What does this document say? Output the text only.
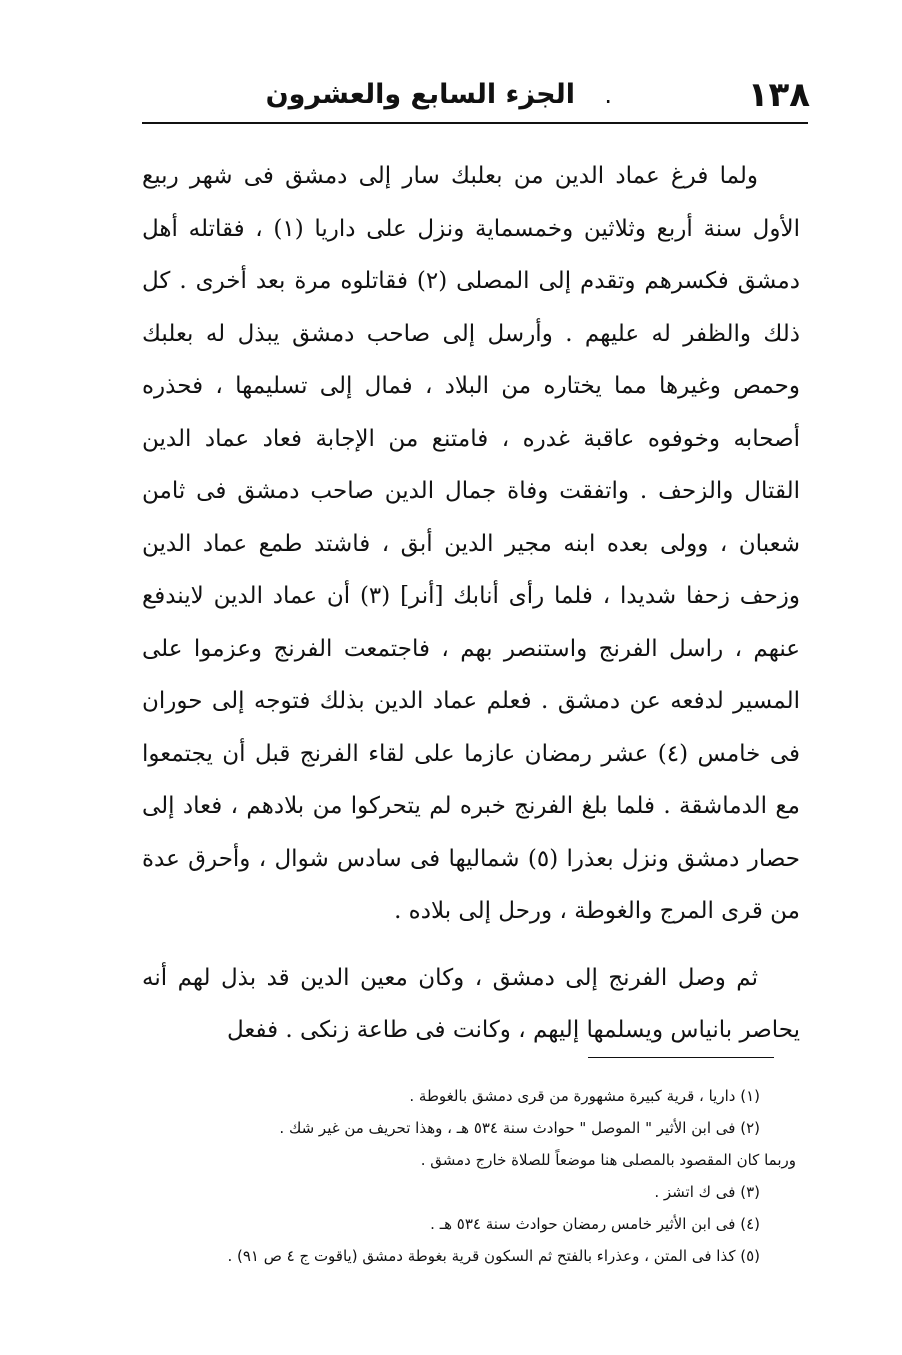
١٣٨
.
الجزء السابع والعشرون

ولما فرغ عماد الدين من بعلبك سار إلى دمشق فى شهر ربيع الأول سنة أربع وثلاثين وخمسماية ونزل على داريا (١) ، فقاتله أهل دمشق فكسرهم وتقدم إلى المصلى (٢) فقاتلوه مرة بعد أخرى . كل ذلك والظفر له عليهم . وأرسل إلى صاحب دمشق يبذل له بعلبك وحمص وغيرها مما يختاره من البلاد ، فمال إلى تسليمها ، فحذره أصحابه وخوفوه عاقبة غدره ، فامتنع من الإجابة فعاد عماد الدين القتال والزحف . واتفقت وفاة جمال الدين صاحب دمشق فى ثامن شعبان ، وولى بعده ابنه مجير الدين أبق ، فاشتد طمع عماد الدين وزحف زحفا شديدا ، فلما رأى أنابك [أنر] (٣) أن عماد الدين لايندفع عنهم ، راسل الفرنج واستنصر بهم ، فاجتمعت الفرنج وعزموا على المسير لدفعه عن دمشق . فعلم عماد الدين بذلك فتوجه إلى حوران فى خامس (٤) عشر رمضان عازما على لقاء الفرنج قبل أن يجتمعوا مع الدماشقة . فلما بلغ الفرنج خبره لم يتحركوا من بلادهم ، فعاد إلى حصار دمشق ونزل بعذرا (٥) شماليها فى سادس شوال ، وأحرق عدة من قرى المرج والغوطة ، ورحل إلى بلاده .

ثم وصل الفرنج إلى دمشق ، وكان معين الدين قد بذل لهم أنه يحاصر بانياس ويسلمها إليهم ، وكانت فى طاعة زنكى . ففعل

(١) داريا ، قرية كبيرة مشهورة من قرى دمشق بالغوطة .
(٢) فى ابن الأثير " الموصل " حوادث سنة ٥٣٤ هـ ، وهذا تحريف من غير شك .
وربما كان المقصود بالمصلى هنا موضعاً للصلاة خارج دمشق .
(٣) فى ك اتشز .
(٤) فى ابن الأثير خامس رمضان حوادث سنة ٥٣٤ هـ .
(٥) كذا فى المتن ، وعذراء بالفتح ثم السكون قرية بغوطة دمشق (ياقوت ج ٤ ص ٩١) .
